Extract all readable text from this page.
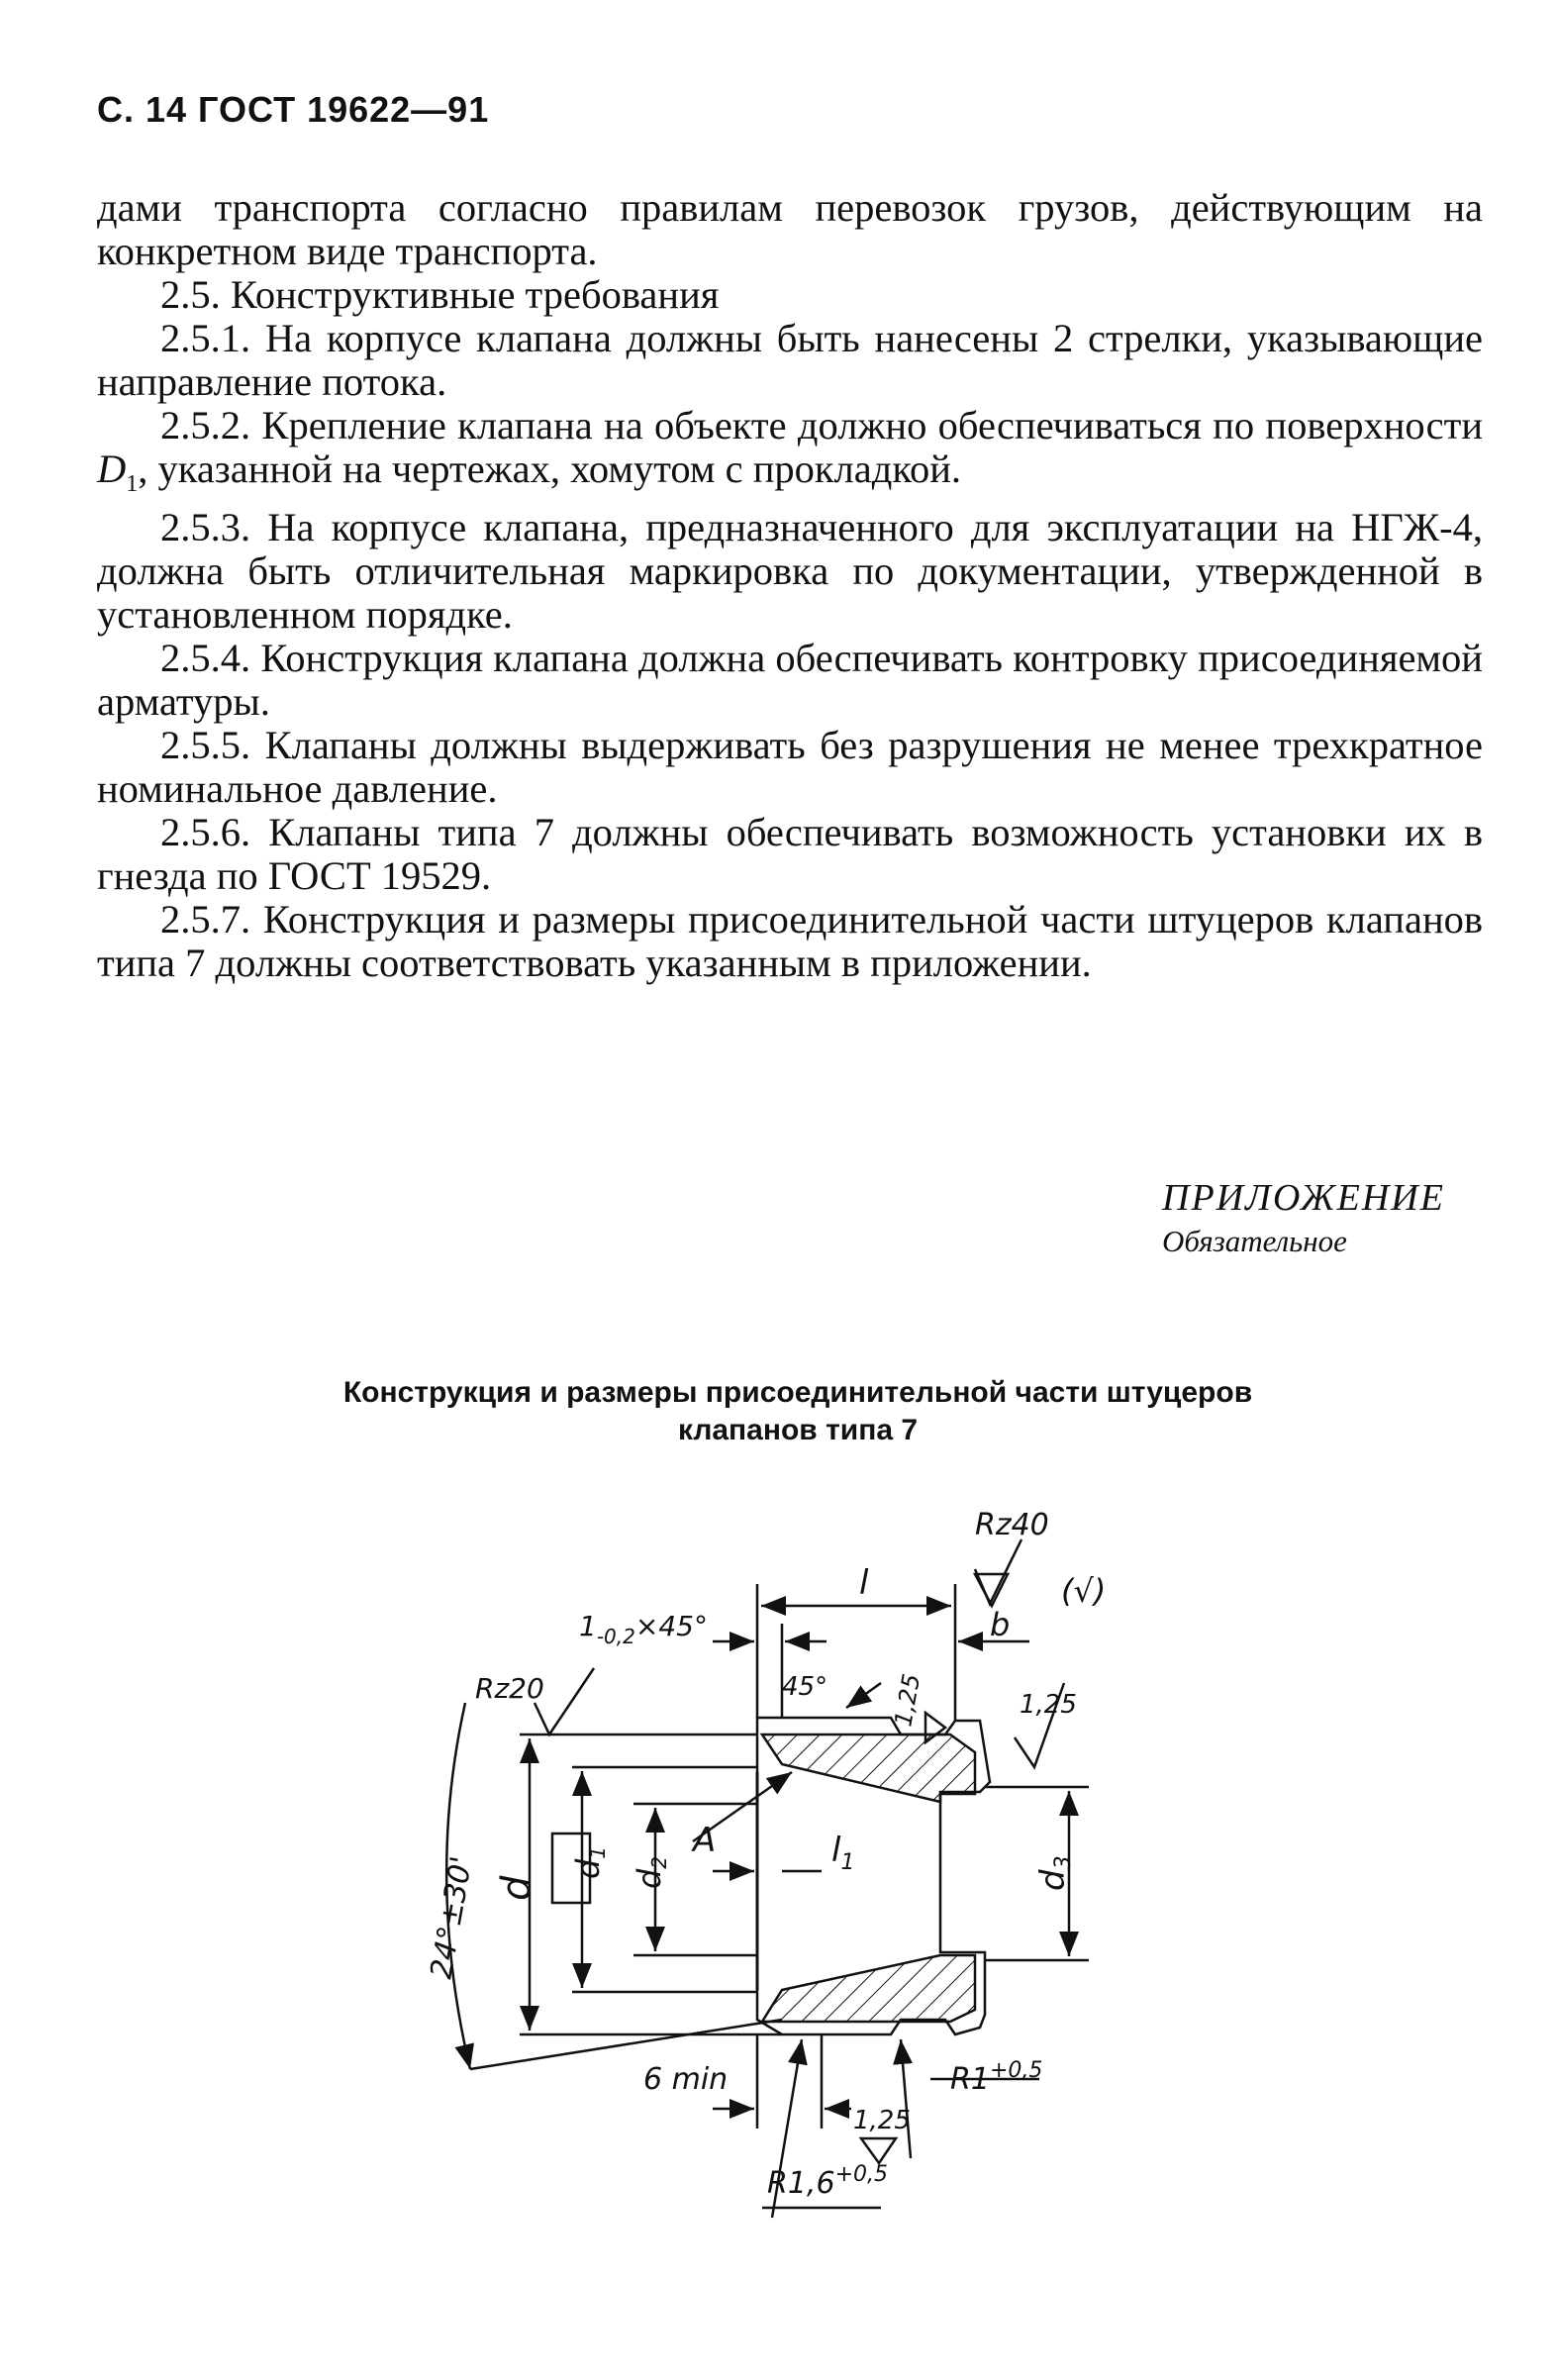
С. 14 ГОСТ 19622—91

дами транспорта согласно правилам перевозок грузов, действующим на конкретном виде транспорта.

2.5. Конструктивные требования

2.5.1. На корпусе клапана должны быть нанесены 2 стрелки, указывающие направление потока.

2.5.2. Крепление клапана на объекте должно обеспечиваться по поверхности $D_1$, указанной на чертежах, хомутом с прокладкой.

2.5.3. На корпусе клапана, предназначенного для эксплуатации на НГЖ-4, должна быть отличительная маркировка по документации, утвержденной в установленном порядке.

2.5.4. Конструкция клапана должна обеспечивать контровку присоединяемой арматуры.

2.5.5. Клапаны должны выдерживать без разрушения не менее трехкратное номинальное давление.

2.5.6. Клапаны типа 7 должны обеспечивать возможность установки их в гнезда по ГОСТ 19529.

2.5.7. Конструкция и размеры присоединительной части штуцеров клапанов типа 7 должны соответствовать указанным в приложении.

ПРИЛОЖЕНИЕ
Обязательное
Конструкция и размеры присоединительной части штуцеров
клапанов типа 7
Rz40
(√)
l
$1_{-0,2}\times 45^\circ$	b
45°	1,25	1,25
1,25
Rz20
24°±30' d
d1
d2
A	$l_1$
d3
6 min	$R1^{+0,5}$
$R1,6^{+0,5}$
